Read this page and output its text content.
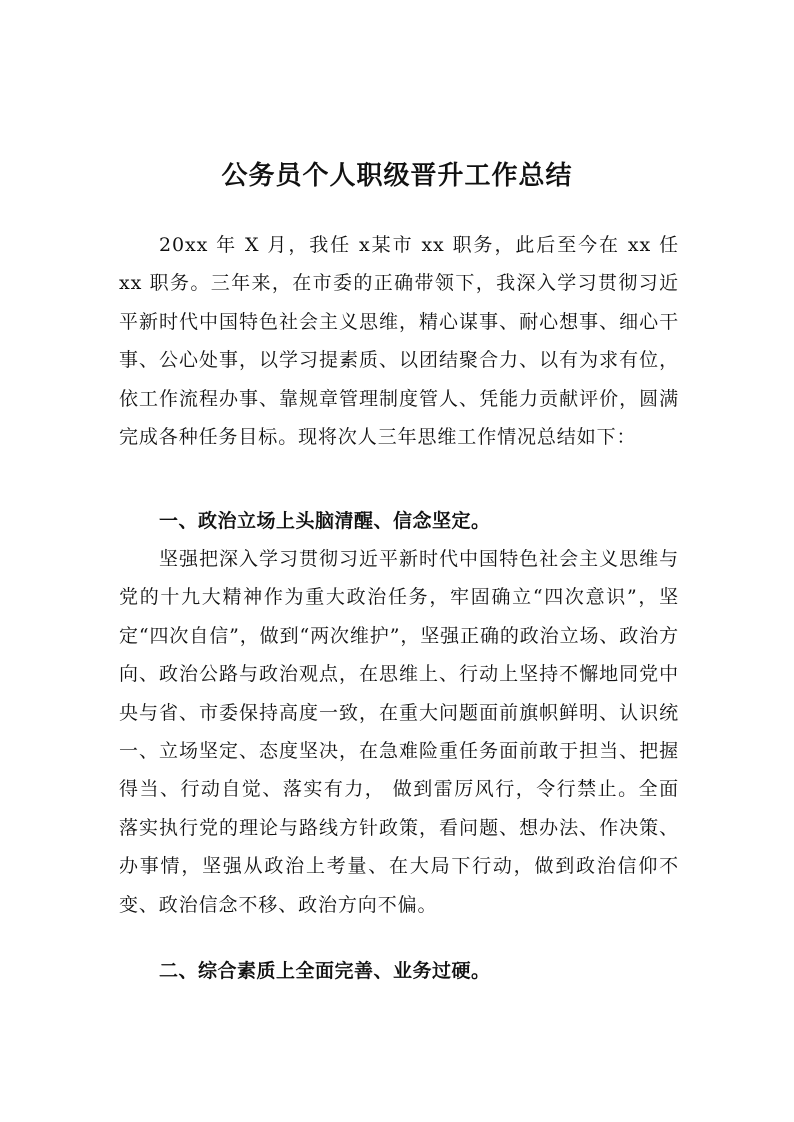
公务员个人职级晋升工作总结

20xx 年 X 月，我任 x某市 xx 职务，此后至今在 xx 任 xx 职务。三年来，在市委的正确带领下，我深入学习贯彻习近平新时代中国特色社会主义思维，精心谋事、耐心想事、细心干事、公心处事，以学习提素质、以团结聚合力、以有为求有位，依工作流程办事、靠规章管理制度管人、凭能力贡献评价，圆满完成各种任务目标。现将次人三年思维工作情况总结如下：

一、政治立场上头脑清醒、信念坚定。

坚强把深入学习贯彻习近平新时代中国特色社会主义思维与党的十九大精神作为重大政治任务，牢固确立“四次意识”，坚定“四次自信”，做到“两次维护”，坚强正确的政治立场、政治方向、政治公路与政治观点，在思维上、行动上坚持不懈地同党中央与省、市委保持高度一致，在重大问题面前旗帜鲜明、认识统一、立场坚定、态度坚决，在急难险重任务面前敢于担当、把握得当、行动自觉、落实有力， 做到雷厉风行，令行禁止。全面落实执行党的理论与路线方针政策，看问题、想办法、作决策、办事情，坚强从政治上考量、在大局下行动，做到政治信仰不变、政治信念不移、政治方向不偏。

二、综合素质上全面完善、业务过硬。
